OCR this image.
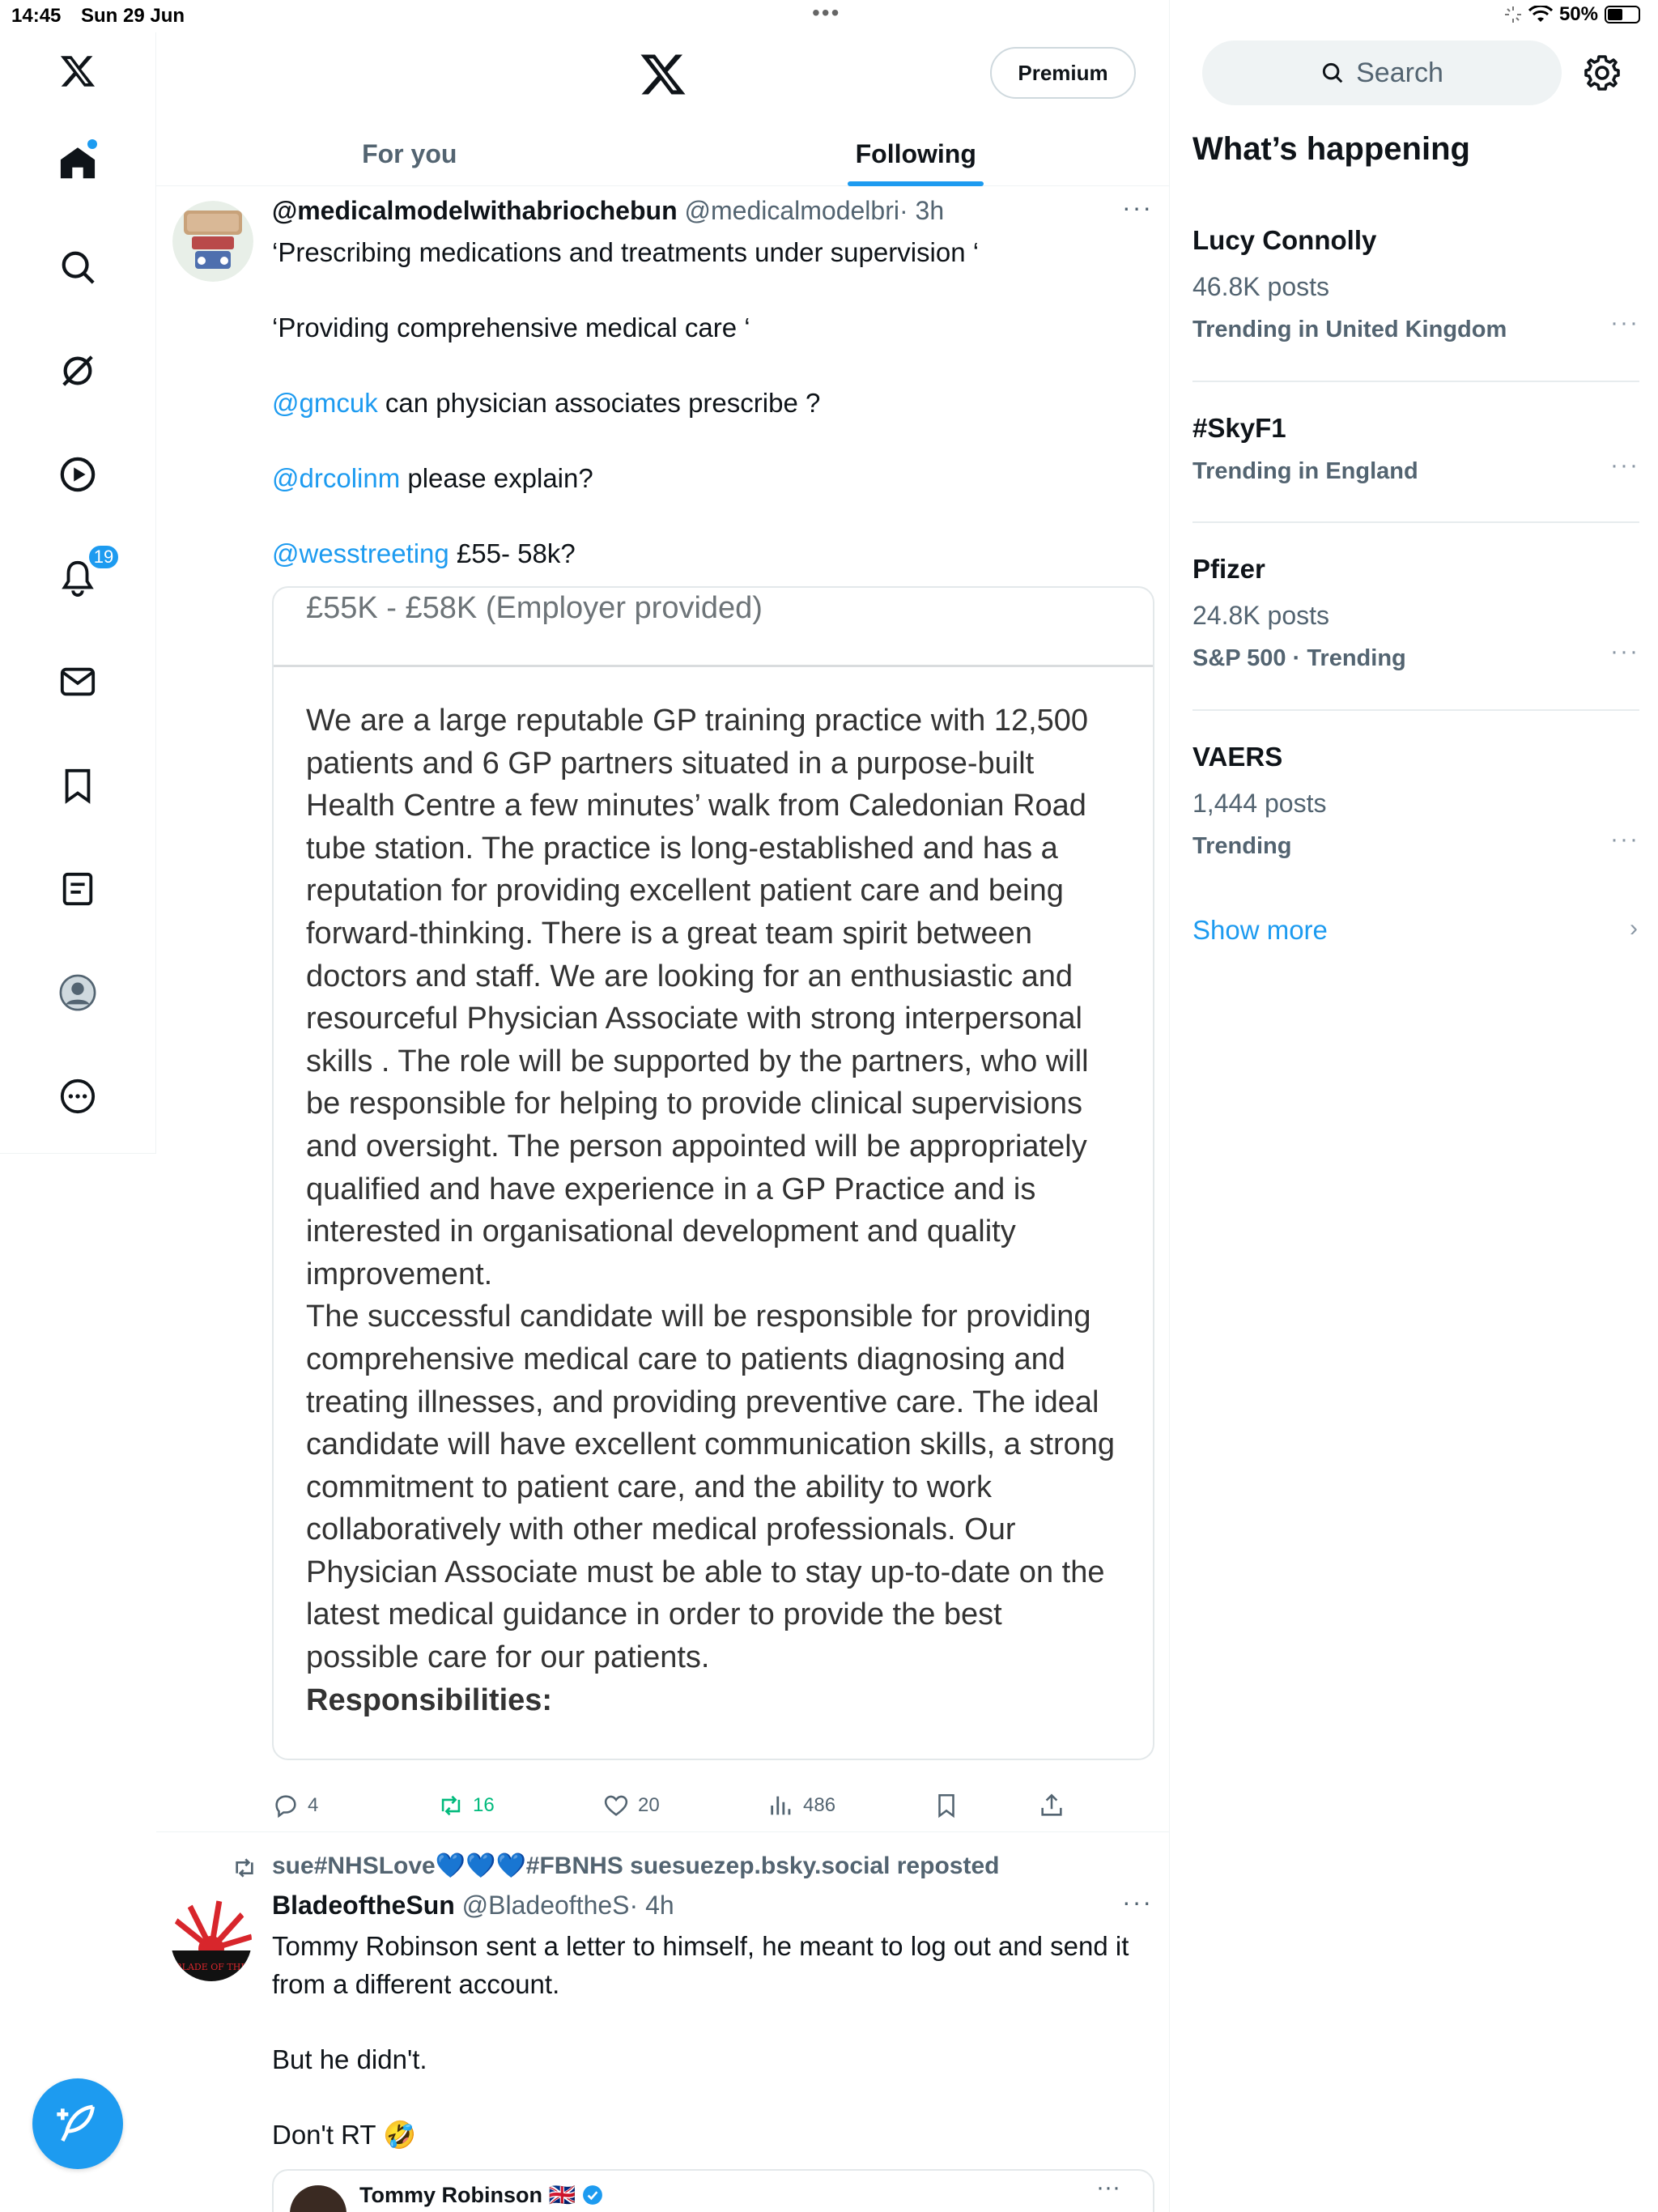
14:45 Sun 29 Jun	•••	50%
19
@medicalmodelwithabriochebun @medicalmodelbri· 3h	···

‘Prescribing medications and treatments under supervision ‘

‘Providing comprehensive medical care ‘

@gmcuk can physician associates prescribe ?

@drcolinm please explain?

@wesstreeting £55- 58k?

£55K - £58K (Employer provided)
We are a large reputable GP training practice with 12,500 patients and 6 GP partners situated in a purpose-built Health Centre a few minutes’ walk from Caledonian Road tube station. The practice is long-established and has a reputation for providing excellent patient care and being forward-thinking. There is a great team spirit between doctors and staff. We are looking for an enthusiastic and resourceful Physician Associate with strong interpersonal skills . The role will be supported by the partners, who will be responsible for helping to provide clinical supervisions and oversight. The person appointed will be appropriately qualified and have experience in a GP Practice and is interested in organisational development and quality improvement.
The successful candidate will be responsible for providing comprehensive medical care to patients diagnosing and treating illnesses, and providing preventive care. The ideal candidate will have excellent communication skills, a strong commitment to patient care, and the ability to work collaboratively with other medical professionals. Our Physician Associate must be able to stay up-to-date on the latest medical guidance in order to provide the best possible care for our patients.
Responsibilities:
4	16	20	486
sue#NHSLove💙💙💙#FBNHS suesuezep.bsky.social reposted
BLADE OF THE
BladeoftheSun @BladeoftheS· 4h	···

Tommy Robinson sent a letter to himself, he meant to log out and send it from a different account.

But he didn't.

Don't RT 🤣

Tommy Robinson 🇬🇧	···
Premium
For you	Following
Search
What’s happening
Lucy Connolly
46.8K posts
Trending in United Kingdom	···
#SkyF1
Trending in England	···
Pfizer
24.8K posts
S&P 500 · Trending	···
VAERS
1,444 posts
Trending	···
Show more	›
